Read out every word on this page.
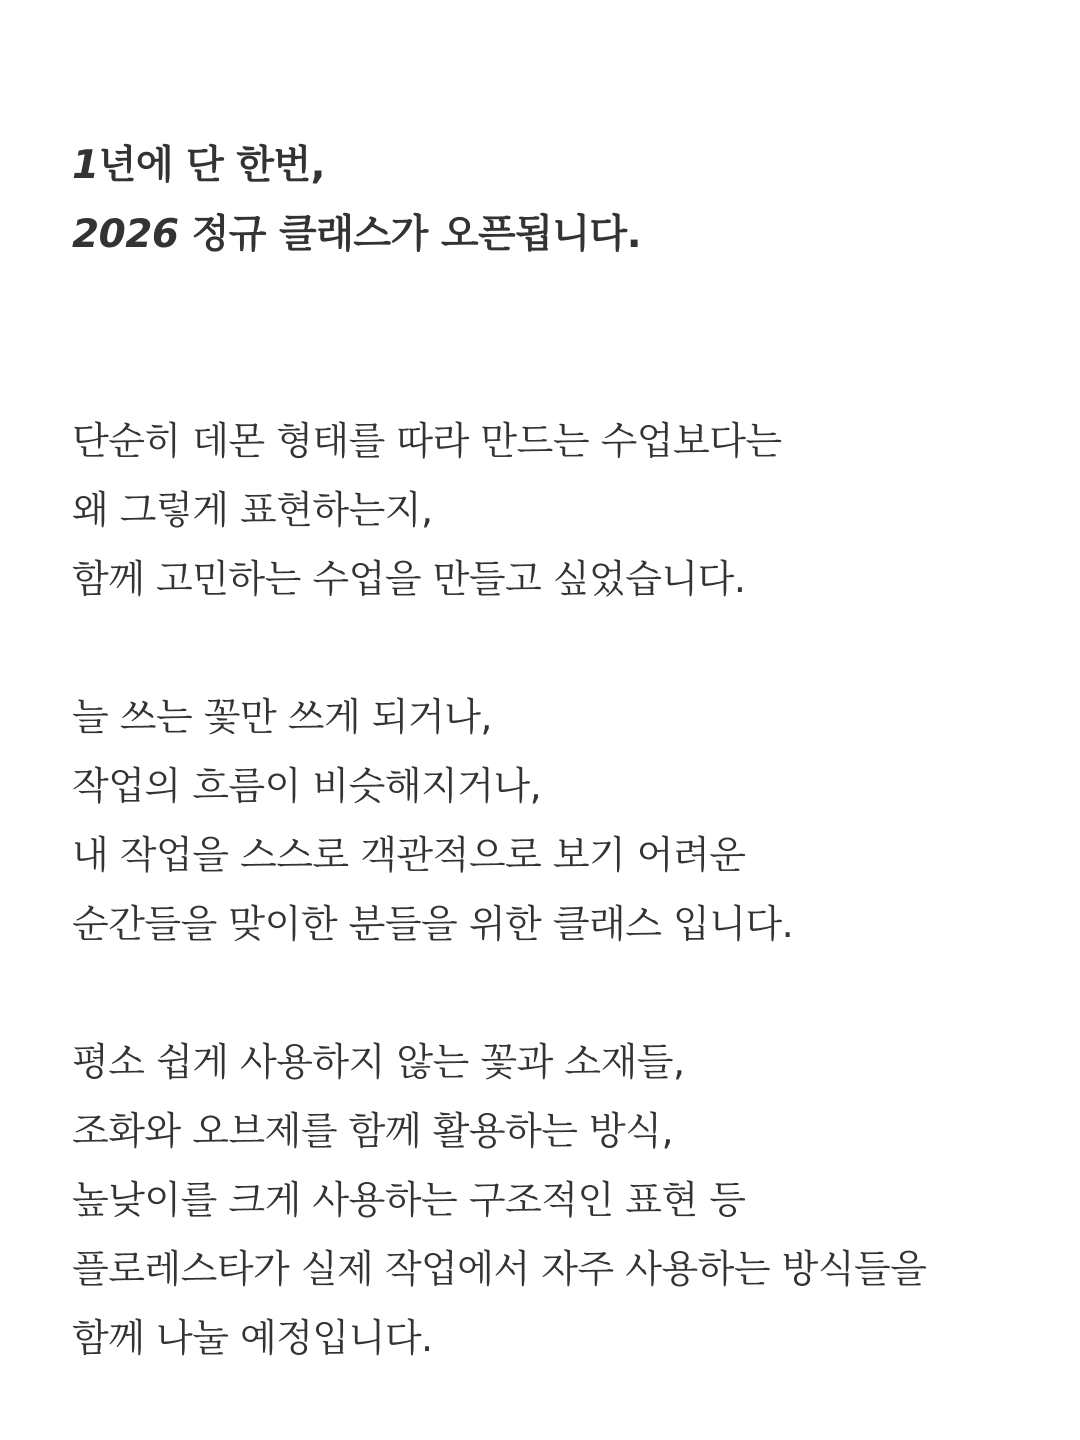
1년에 단 한번,
2026 정규 클래스가 오픈됩니다.
단순히 데몬 형태를 따라 만드는 수업보다는
왜 그렇게 표현하는지,
함께 고민하는 수업을 만들고 싶었습니다.
늘 쓰는 꽃만 쓰게 되거나,
작업의 흐름이 비슷해지거나,
내 작업을 스스로 객관적으로 보기 어려운
순간들을 맞이한 분들을 위한 클래스 입니다.
평소 쉽게 사용하지 않는 꽃과 소재들,
조화와 오브제를 함께 활용하는 방식,
높낮이를 크게 사용하는 구조적인 표현 등
플로레스타가 실제 작업에서 자주 사용하는 방식들을
함께 나눌 예정입니다.
